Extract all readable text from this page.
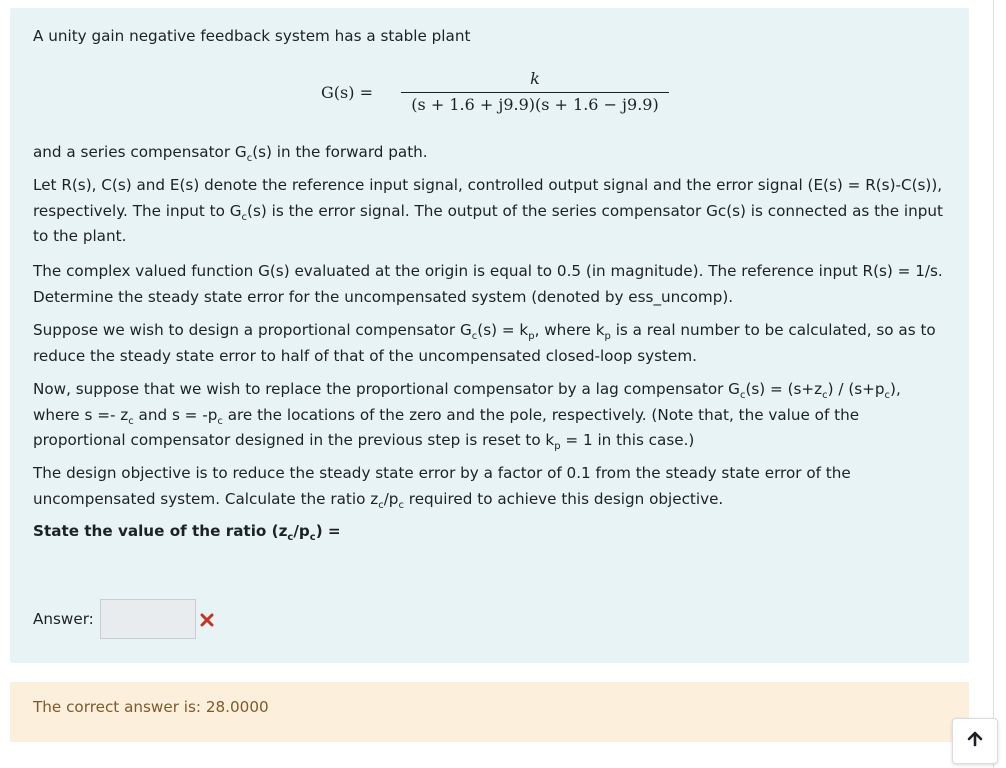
A unity gain negative feedback system has a stable plant

G(s) =
k
(s + 1.6 + j9.9)(s + 1.6 − j9.9)

and a series compensator $G_c(s)$ in the forward path.

Let R(s), C(s) and E(s) denote the reference input signal, controlled output signal and the error signal (E(s) = R(s)-C(s)), respectively. The input to $G_c(s)$ is the error signal. The output of the series compensator Gc(s) is connected as the input to the plant.

The complex valued function G(s) evaluated at the origin is equal to 0.5 (in magnitude). The reference input R(s) = 1/s. Determine the steady state error for the uncompensated system (denoted by ess_uncomp).

Suppose we wish to design a proportional compensator $G_c(s) = k_p$, where $k_p$ is a real number to be calculated, so as to reduce the steady state error to half of that of the uncompensated closed-loop system.

Now, suppose that we wish to replace the proportional compensator by a lag compensator $G_c(s) = (s+z_c) / (s+p_c)$, where $s =- z_c$ and $s = -p_c$ are the locations of the zero and the pole, respectively. (Note that, the value of the proportional compensator designed in the previous step is reset to $k_p = 1$ in this case.)

The design objective is to reduce the steady state error by a factor of 0.1 from the steady state error of the uncompensated system. Calculate the ratio $z_c/p_c$ required to achieve this design objective.

State the value of the ratio $(z_c/p_c)$ =

Answer:
The correct answer is: 28.0000
